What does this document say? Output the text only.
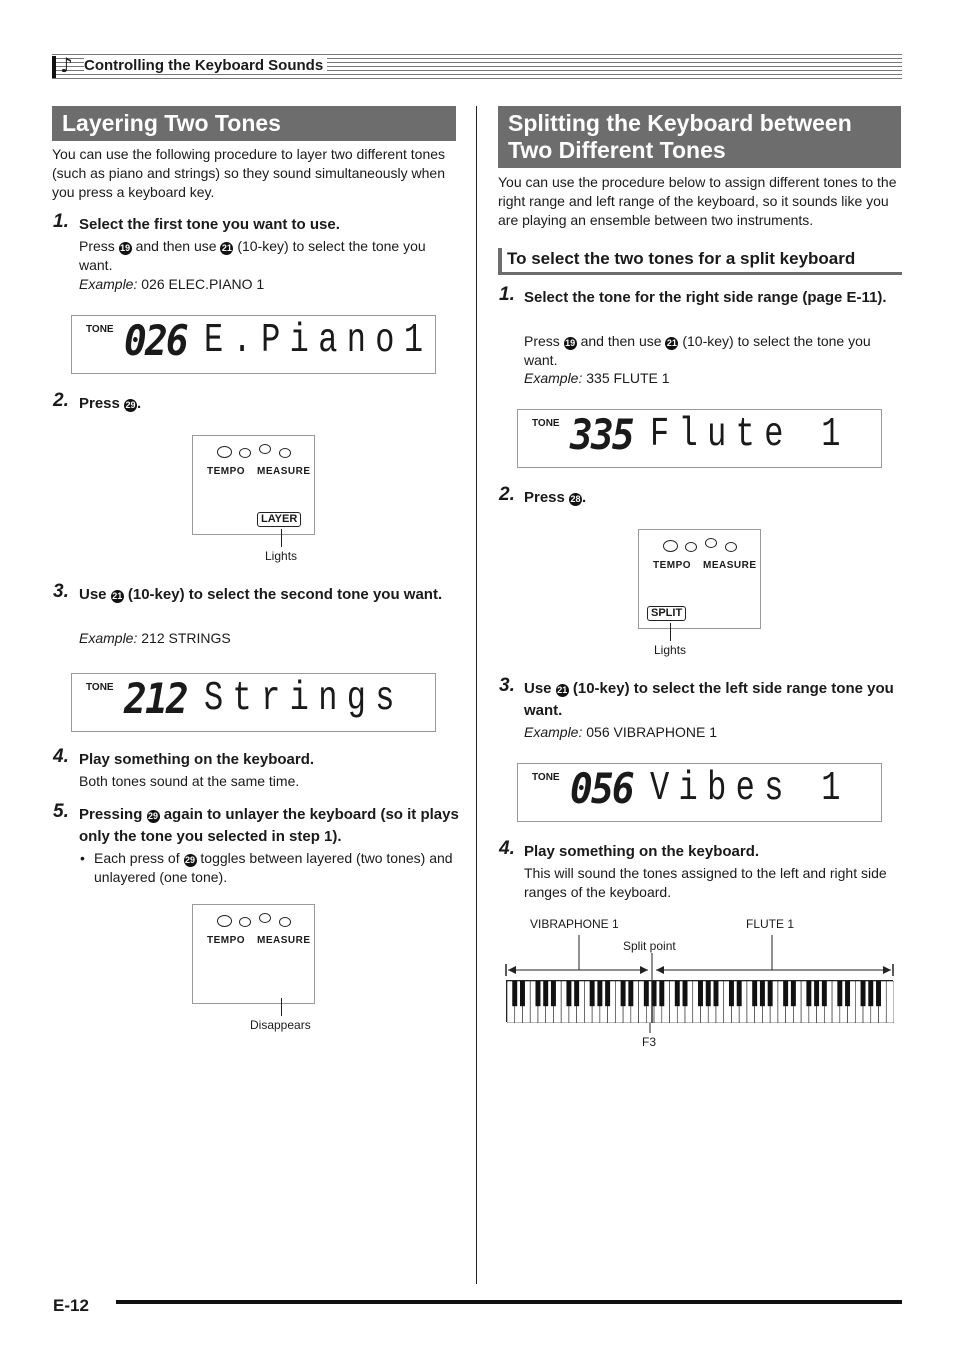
♪ Controlling the Keyboard Sounds
Layering Two Tones
You can use the following procedure to layer two different tones (such as piano and strings) so they sound simultaneously when you press a keyboard key.
1. Select the first tone you want to use.
Press 19 and then use 21 (10-key) to select the tone you want.
Example: 026 ELEC.PIANO 1
TONE 026 E.Piano1
2. Press 29 .
TEMPO MEASURE
LAYER
Lights
3. Use 21 (10-key) to select the second tone you want.
Example: 212 STRINGS
TONE 212 Strings
4. Play something on the keyboard.
Both tones sound at the same time.
5. Pressing 29 again to unlayer the keyboard (so it plays only the tone you selected in step 1).
• Each press of 29 toggles between layered (two tones) and unlayered (one tone).
TEMPO MEASURE
Disappears
Splitting the Keyboard between Two Different Tones
You can use the procedure below to assign different tones to the right range and left range of the keyboard, so it sounds like you are playing an ensemble between two instruments.
To select the two tones for a split keyboard
1. Select the tone for the right side range (page E-11).
Press 19 and then use 21 (10-key) to select the tone you want.
Example: 335 FLUTE 1
TONE 335 Flute 1
2. Press 28 .
TEMPO MEASURE
SPLIT
Lights
3. Use 21 (10-key) to select the left side range tone you want.
Example: 056 VIBRAPHONE 1
TONE 056 Vibes 1
4. Play something on the keyboard.
This will sound the tones assigned to the left and right side ranges of the keyboard.
VIBRAPHONE 1	FLUTE 1
Split point
F3
E-12
